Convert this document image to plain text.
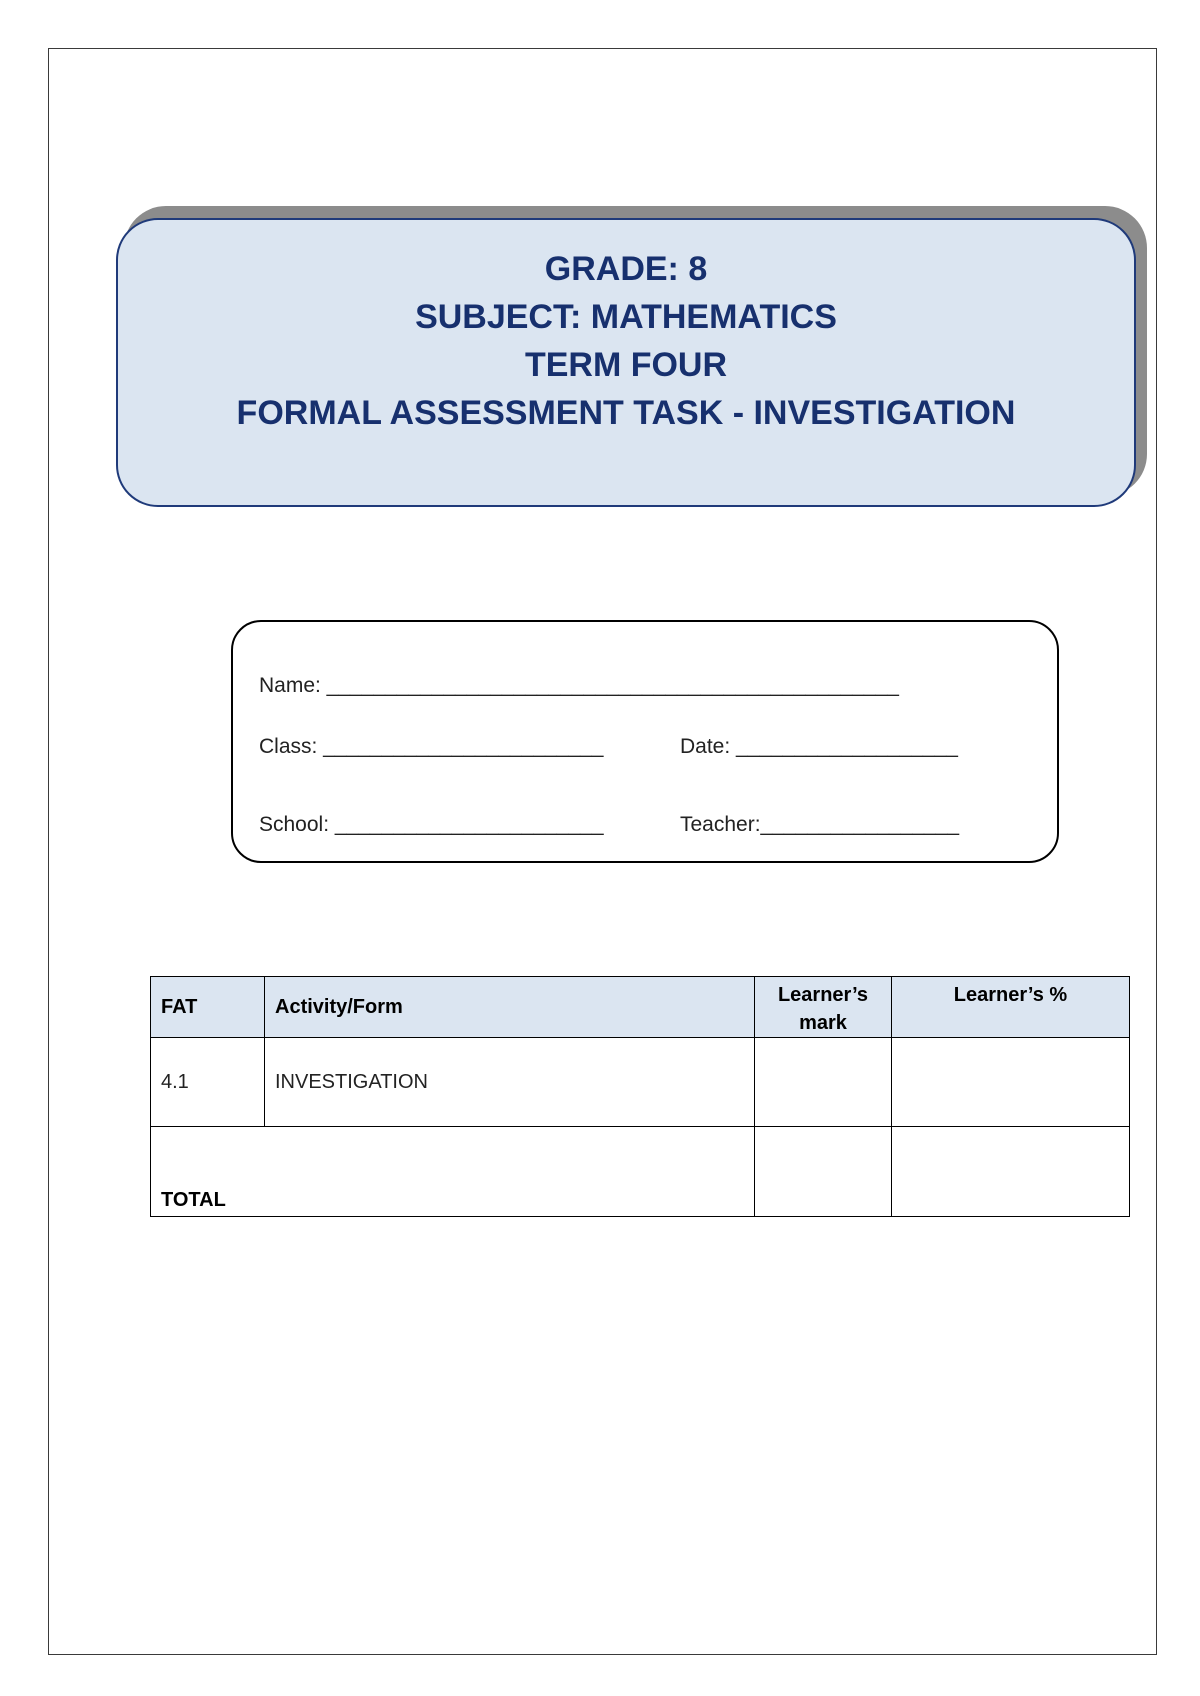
GRADE: 8
SUBJECT: MATHEMATICS
TERM FOUR
FORMAL ASSESSMENT TASK - INVESTIGATION
Name: _________________________________________________
Class: ________________________	Date: ___________________
School: _______________________	Teacher:_________________
FAT	Activity/Form	Learner’s mark	Learner’s %
4.1	INVESTIGATION		
TOTAL			
